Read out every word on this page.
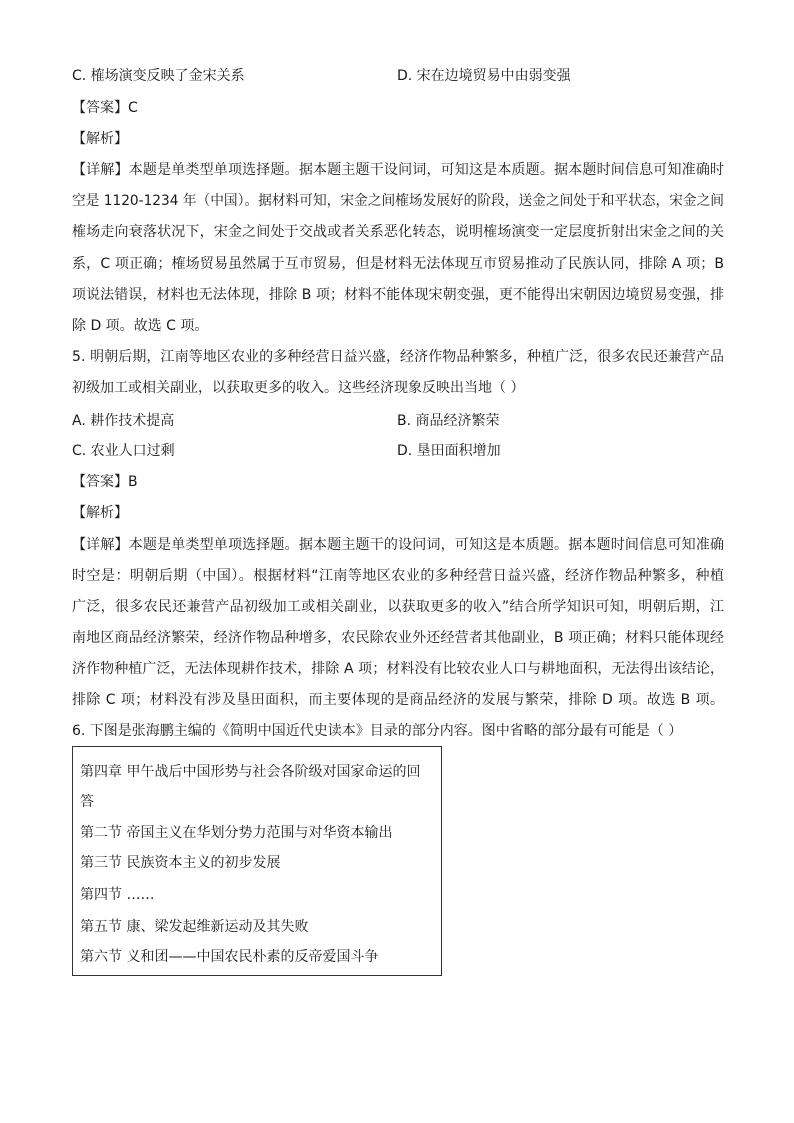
C. 榷场演变反映了金宋关系	D. 宋在边境贸易中由弱变强
【答案】C
【解析】
【详解】本题是单类型单项选择题。据本题主题干设问词，可知这是本质题。据本题时间信息可知准确时
空是 1120-1234 年（中国）。据材料可知，宋金之间榷场发展好的阶段，送金之间处于和平状态，宋金之间
榷场走向衰落状况下，宋金之间处于交战或者关系恶化转态，说明榷场演变一定层度折射出宋金之间的关
系，C 项正确；榷场贸易虽然属于互市贸易，但是材料无法体现互市贸易推动了民族认同，排除 A 项；B
项说法错误，材料也无法体现，排除 B 项；材料不能体现宋朝变强，更不能得出宋朝因边境贸易变强，排
除 D 项。故选 C 项。
5. 明朝后期，江南等地区农业的多种经营日益兴盛，经济作物品种繁多，种植广泛，很多农民还兼营产品
初级加工或相关副业，以获取更多的收入。这些经济现象反映出当地（ ）
A. 耕作技术提高	B. 商品经济繁荣
C. 农业人口过剩	D. 垦田面积增加
【答案】B
【解析】
【详解】本题是单类型单项选择题。据本题主题干的设问词，可知这是本质题。据本题时间信息可知准确
时空是：明朝后期（中国）。根据材料“江南等地区农业的多种经营日益兴盛，经济作物品种繁多，种植
广泛，很多农民还兼营产品初级加工或相关副业，以获取更多的收入”结合所学知识可知，明朝后期，江
南地区商品经济繁荣，经济作物品种增多，农民除农业外还经营者其他副业，B 项正确；材料只能体现经
济作物种植广泛，无法体现耕作技术，排除 A 项；材料没有比较农业人口与耕地面积，无法得出该结论，
排除 C 项；材料没有涉及垦田面积，而主要体现的是商品经济的发展与繁荣，排除 D 项。故选 B 项。
6. 下图是张海鹏主编的《简明中国近代史读本》目录的部分内容。图中省略的部分最有可能是（ ）
第四章 甲午战后中国形势与社会各阶级对国家命运的回
答
第二节 帝国主义在华划分势力范围与对华资本输出
第三节 民族资本主义的初步发展
第四节 ……
第五节 康、梁发起维新运动及其失败
第六节 义和团——中国农民朴素的反帝爱国斗争
